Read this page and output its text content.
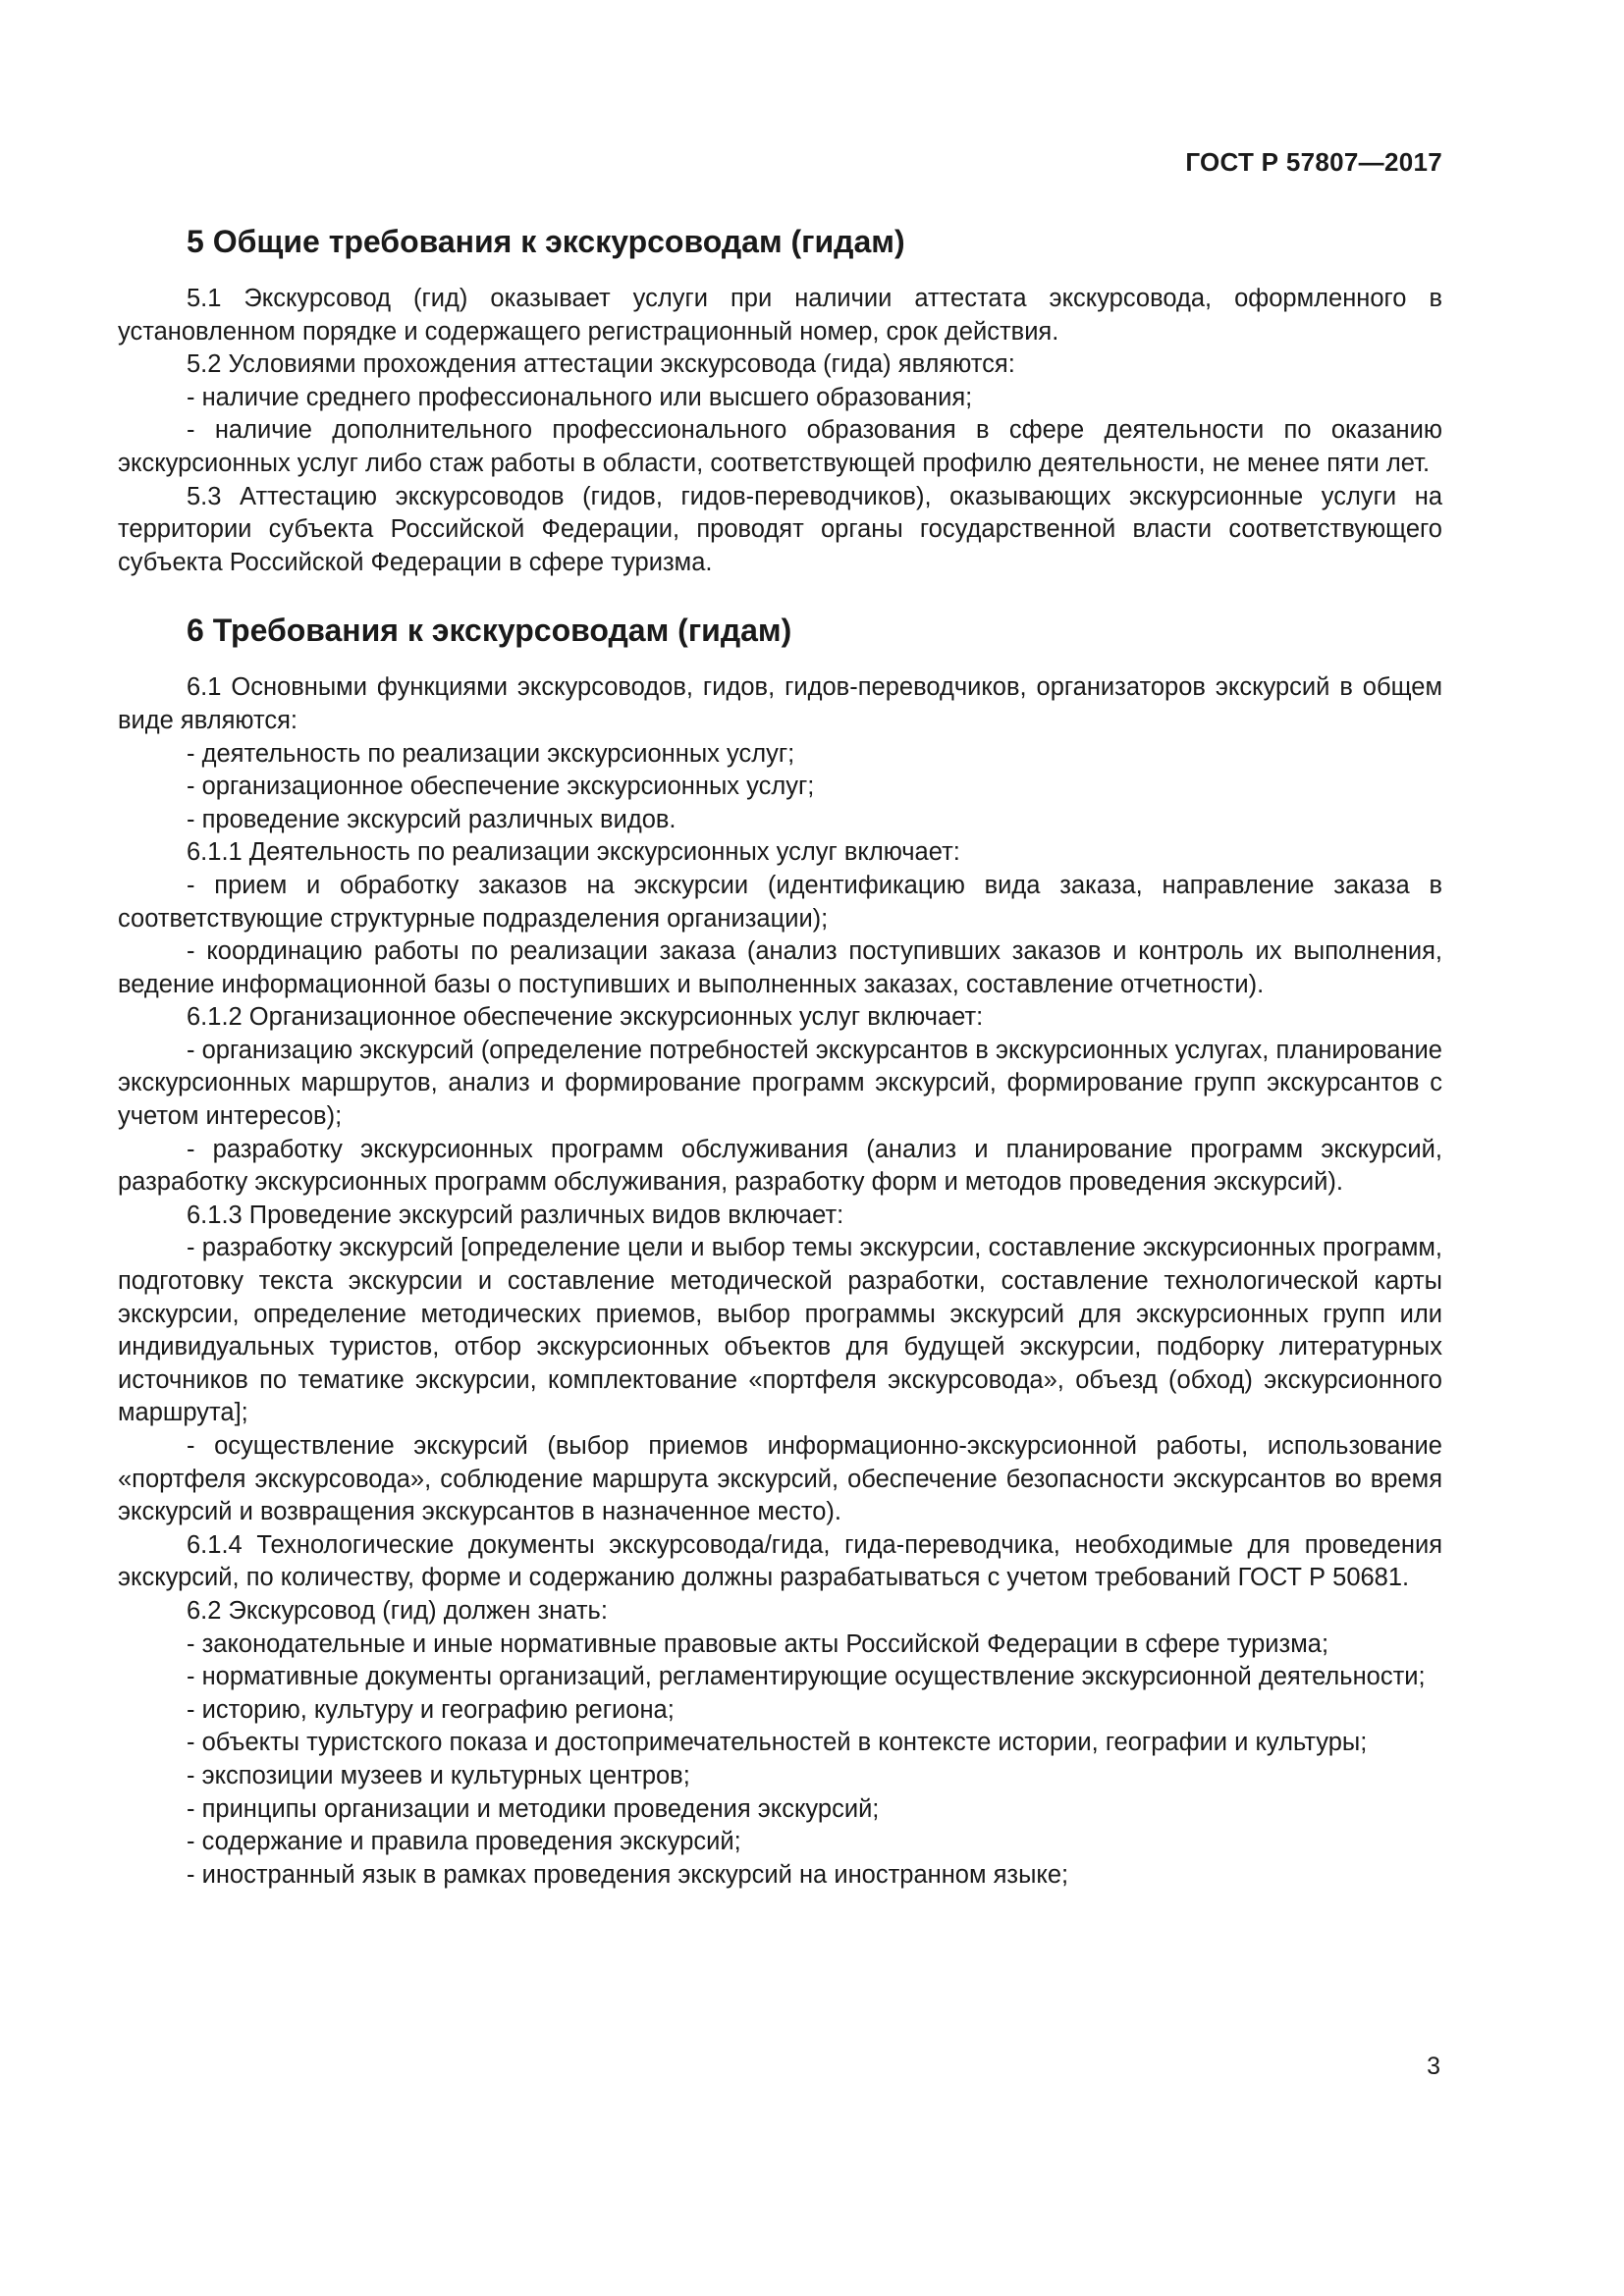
ГОСТ Р 57807—2017
5 Общие требования к экскурсоводам (гидам)

5.1 Экскурсовод (гид) оказывает услуги при наличии аттестата экскурсовода, оформленного в установленном порядке и содержащего регистрационный номер, срок действия.

5.2 Условиями прохождения аттестации экскурсовода (гида) являются:

- наличие среднего профессионального или высшего образования;

- наличие дополнительного профессионального образования в сфере деятельности по оказанию экскурсионных услуг либо стаж работы в области, соответствующей профилю деятельности, не менее пяти лет.

5.3 Аттестацию экскурсоводов (гидов, гидов-переводчиков), оказывающих экскурсионные услуги на территории субъекта Российской Федерации, проводят органы государственной власти соответствующего субъекта Российской Федерации в сфере туризма.

6 Требования к экскурсоводам (гидам)

6.1 Основными функциями экскурсоводов, гидов, гидов-переводчиков, организаторов экскурсий в общем виде являются:

- деятельность по реализации экскурсионных услуг;

- организационное обеспечение экскурсионных услуг;

- проведение экскурсий различных видов.

6.1.1 Деятельность по реализации экскурсионных услуг включает:

- прием и обработку заказов на экскурсии (идентификацию вида заказа, направление заказа в соответствующие структурные подразделения организации);

- координацию работы по реализации заказа (анализ поступивших заказов и контроль их выполнения, ведение информационной базы о поступивших и выполненных заказах, составление отчетности).

6.1.2 Организационное обеспечение экскурсионных услуг включает:

- организацию экскурсий (определение потребностей экскурсантов в экскурсионных услугах, планирование экскурсионных маршрутов, анализ и формирование программ экскурсий, формирование групп экскурсантов с учетом интересов);

- разработку экскурсионных программ обслуживания (анализ и планирование программ экскурсий, разработку экскурсионных программ обслуживания, разработку форм и методов проведения экскурсий).

6.1.3 Проведение экскурсий различных видов включает:

- разработку экскурсий [определение цели и выбор темы экскурсии, составление экскурсионных программ, подготовку текста экскурсии и составление методической разработки, составление технологической карты экскурсии, определение методических приемов, выбор программы экскурсий для экскурсионных групп или индивидуальных туристов, отбор экскурсионных объектов для будущей экскурсии, подборку литературных источников по тематике экскурсии, комплектование «портфеля экскурсовода», объезд (обход) экскурсионного маршрута];

- осуществление экскурсий (выбор приемов информационно-экскурсионной работы, использование «портфеля экскурсовода», соблюдение маршрута экскурсий, обеспечение безопасности экскурсантов во время экскурсий и возвращения экскурсантов в назначенное место).

6.1.4 Технологические документы экскурсовода/гида, гида-переводчика, необходимые для проведения экскурсий, по количеству, форме и содержанию должны разрабатываться с учетом требований ГОСТ Р 50681.

6.2 Экскурсовод (гид) должен знать:

- законодательные и иные нормативные правовые акты Российской Федерации в сфере туризма;

- нормативные документы организаций, регламентирующие осуществление экскурсионной деятельности;

- историю, культуру и географию региона;

- объекты туристского показа и достопримечательностей в контексте истории, географии и культуры;

- экспозиции музеев и культурных центров;

- принципы организации и методики проведения экскурсий;

- содержание и правила проведения экскурсий;

- иностранный язык в рамках проведения экскурсий на иностранном языке;

3
